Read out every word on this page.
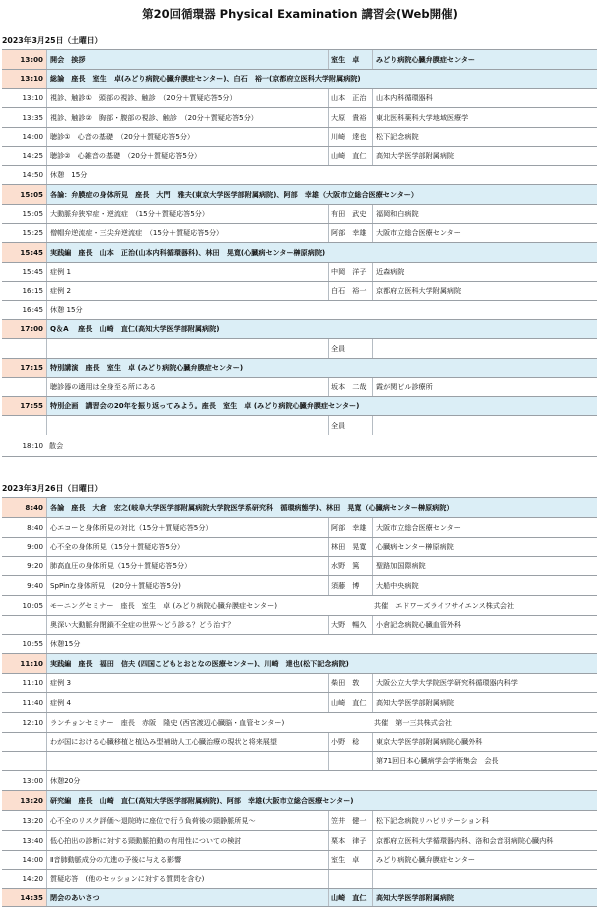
第20回循環器 Physical Examination 講習会(Web開催)
2023年3月25日（土曜日）
13:00 開会　挨拶	室生　卓	みどり病院心臓弁膜症センター
13:10 総論　座長　室生　卓(みどり病院心臓弁膜症センター)、白石　裕一(京都府立医科大学附属病院)
13:10 視診、触診①　頭部の視診、触診　（20分＋質疑応答5分）	山本　正治	山本内科循環器科
13:35 視診、触診②　胸部・腹部の視診、触診　（20分＋質疑応答5分）	大原　貴裕	東北医科薬科大学地域医療学
14:00 聴診①　心音の基礎　（20分＋質疑応答5分）	川崎　達也	松下記念病院
14:25 聴診②　心雑音の基礎　（20分＋質疑応答5分）	山崎　直仁	高知大学医学部附属病院
14:50 休憩　15分
15:05 各論：弁膜症の身体所見　座長　大門　雅夫(東京大学医学部附属病院)、阿部　幸雄（大阪市立総合医療センター）
15:05 大動脈弁狭窄症・逆流症　（15分＋質疑応答5分）	有田　武史	福岡和白病院
15:25 僧帽弁逆流症・三尖弁逆流症　（15分＋質疑応答5分）	阿部　幸雄	大阪市立総合医療センター
15:45 実践編　座長　山本　正治(山本内科循環器科)、林田　晃寛(心臓病センター榊原病院)
15:45 症例 1	中岡　洋子	近森病院
16:15 症例 2	白石　裕一	京都府立医科大学附属病院
16:45 休憩 15分
17:00 Q＆A　 座長　山崎　直仁(高知大学医学部附属病院)
全員
17:15 特別講演　座長　室生　卓 (みどり病院心臓弁膜症センター)
聴診器の適用は全身至る所にある	坂本　二哉	霞が関ビル診療所
17:55 特別企画　講習会の20年を振り返ってみよう。座長　室生　卓 (みどり病院心臓弁膜症センター)
全員
18:10 散会
2023年3月26日（日曜日）
8:40 各論　座長　大倉　宏之(岐阜大学医学部附属病院大学院医学系研究科　循環病態学)、林田　晃寛（心臓病センター榊原病院）
8:40 心エコーと身体所見の対比（15分＋質疑応答5分）	阿部　幸雄	大阪市立総合医療センター
9:00 心不全の身体所見（15分＋質疑応答5分）	林田　晃寛	心臓病センター榊原病院
9:20 肺高血圧の身体所見（15分＋質疑応答5分）	水野　篤	聖路加国際病院
9:40 SpPinな身体所見　(20分＋質疑応答5分)	須藤　博	大船中央病院
10:05 モーニングセミナー　座長　室生　卓 (みどり病院心臓弁膜症センター)	共催　エドワーズライフサイエンス株式会社
奥深い大動脈弁閉鎖不全症の世界〜どう診る？どう治す？	大野　暢久	小倉記念病院心臓血管外科
10:55 休憩15分
11:10 実践編　座長　福田　信夫 (四国こどもとおとなの医療センター)、川崎　達也(松下記念病院)
11:10 症例 3	柴田　敦	大阪公立大学大学院医学研究科循環器内科学
11:40 症例 4	山崎　直仁	高知大学医学部附属病院
12:10 ランチョンセミナー　座長　赤阪　隆史 (西宮渡辺心臓脳・血管センター)	共催　第一三共株式会社
わが国における心臓移植と植込み型補助人工心臓治療の現状と将来展望	小野　稔	東京大学医学部附属病院心臓外科
第71回日本心臓病学会学術集会　会長
13:00 休憩20分
13:20 研究編　座長　山崎　直仁(高知大学医学部附属病院)、阿部　幸雄(大阪市立総合医療センター)
13:20 心不全のリスク評価〜退院時に座位で行う負荷後の頸静脈所見〜	笠井　健一	松下記念病院リハビリテーション科
13:40 低心拍出の診断に対する頸動脈拍動の有用性についての検討	栗本　律子	京都府立医科大学循環器内科、洛和会音羽病院心臓内科
14:00 Ⅱ音肺動脈成分の亢進の予後に与える影響	室生　卓	みどり病院心臓弁膜症センター
14:20 質疑応答　(他のセッションに対する質問を含む)
14:35 閉会のあいさつ	山崎　直仁	高知大学医学部附属病院
